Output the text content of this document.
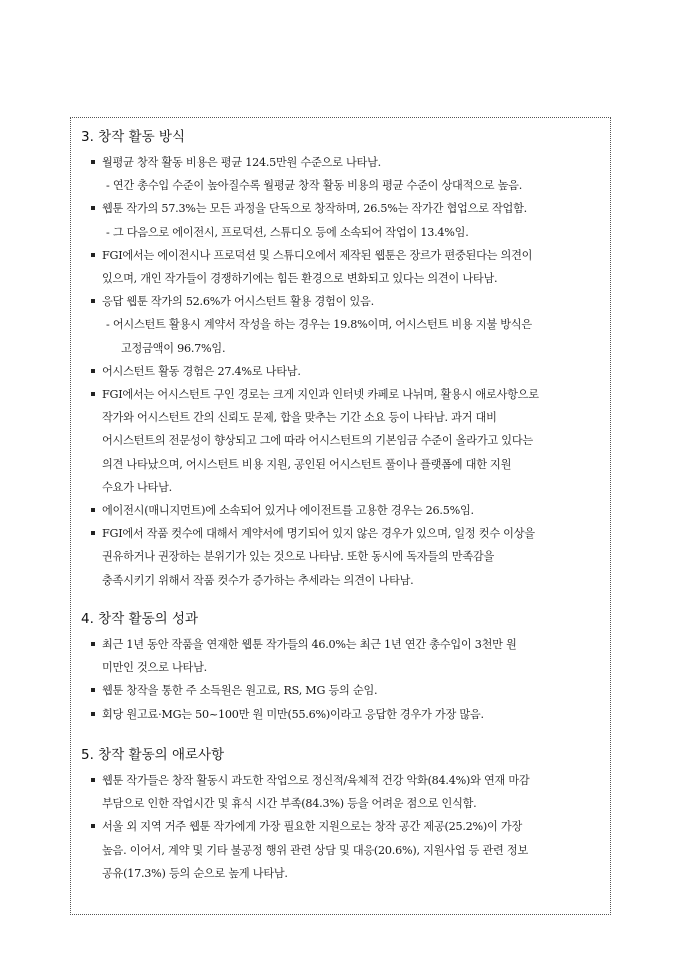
3. 창작 활동 방식
월평균 창작 활동 비용은 평균 124.5만원 수준으로 나타남.
- 연간 총수입 수준이 높아질수록 월평균 창작 활동 비용의 평균 수준이 상대적으로 높음.
웹툰 작가의 57.3%는 모든 과정을 단독으로 창작하며, 26.5%는 작가간 협업으로 작업함.
- 그 다음으로 에이전시, 프로덕션, 스튜디오 등에 소속되어 작업이 13.4%임.
FGI에서는 에이전시나 프로덕션 및 스튜디오에서 제작된 웹툰은 장르가 편중된다는 의견이
있으며, 개인 작가들이 경쟁하기에는 힘든 환경으로 변화되고 있다는 의견이 나타남.
응답 웹툰 작가의 52.6%가 어시스턴트 활용 경험이 있음.
- 어시스턴트 활용시 계약서 작성을 하는 경우는 19.8%이며, 어시스턴트 비용 지불 방식은
고정금액이 96.7%임.
어시스턴트 활동 경험은 27.4%로 나타남.
FGI에서는 어시스턴트 구인 경로는 크게 지인과 인터넷 카페로 나뉘며, 활용시 애로사항으로
작가와 어시스턴트 간의 신뢰도 문제, 합을 맞추는 기간 소요 등이 나타남. 과거 대비
어시스턴트의 전문성이 향상되고 그에 따라 어시스턴트의 기본임금 수준이 올라가고 있다는
의견 나타났으며, 어시스턴트 비용 지원, 공인된 어시스턴트 풀이나 플랫폼에 대한 지원
수요가 나타남.
에이전시(매니지먼트)에 소속되어 있거나 에이전트를 고용한 경우는 26.5%임.
FGI에서 작품 컷수에 대해서 계약서에 명기되어 있지 않은 경우가 있으며, 일정 컷수 이상을
권유하거나 권장하는 분위기가 있는 것으로 나타남. 또한 동시에 독자들의 만족감을
충족시키기 위해서 작품 컷수가 증가하는 추세라는 의견이 나타남.
4. 창작 활동의 성과
최근 1년 동안 작품을 연재한 웹툰 작가들의 46.0%는 최근 1년 연간 총수입이 3천만 원
미만인 것으로 나타남.
웹툰 창작을 통한 주 소득원은 원고료, RS, MG 등의 순임.
회당 원고료·MG는 50~100만 원 미만(55.6%)이라고 응답한 경우가 가장 많음.
5. 창작 활동의 애로사항
웹툰 작가들은 창작 활동시 과도한 작업으로 정신적/육체적 건강 악화(84.4%)와 연재 마감
부담으로 인한 작업시간 및 휴식 시간 부족(84.3%) 등을 어려운 점으로 인식함.
서울 외 지역 거주 웹툰 작가에게 가장 필요한 지원으로는 창작 공간 제공(25.2%)이 가장
높음. 이어서, 계약 및 기타 불공정 행위 관련 상담 및 대응(20.6%), 지원사업 등 관련 정보
공유(17.3%) 등의 순으로 높게 나타남.
